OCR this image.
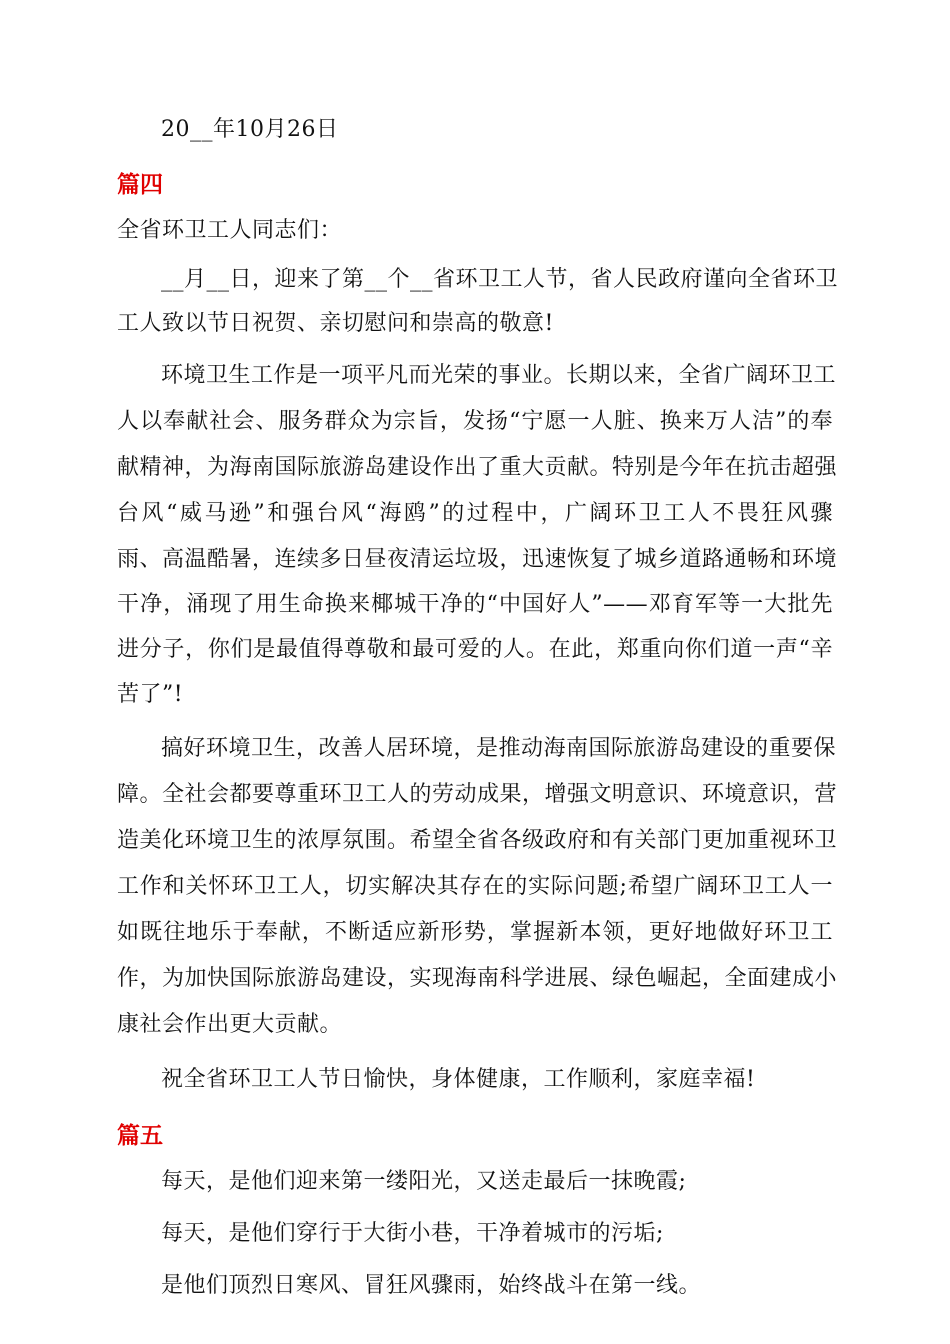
20__年10月26日
篇四
全省环卫工人同志们：
__月__日，迎来了第__个__省环卫工人节，省人民政府谨向全省环卫
工人致以节日祝贺、亲切慰问和崇高的敬意!
环境卫生工作是一项平凡而光荣的事业。长期以来，全省广阔环卫工
人以奉献社会、服务群众为宗旨，发扬“宁愿一人脏、换来万人洁”的奉
献精神，为海南国际旅游岛建设作出了重大贡献。特别是今年在抗击超强
台风“威马逊”和强台风“海鸥”的过程中，广阔环卫工人不畏狂风骤
雨、高温酷暑，连续多日昼夜清运垃圾，迅速恢复了城乡道路通畅和环境
干净，涌现了用生命换来椰城干净的“中国好人”——邓育军等一大批先
进分子，你们是最值得尊敬和最可爱的人。在此，郑重向你们道一声“辛
苦了”!
搞好环境卫生，改善人居环境，是推动海南国际旅游岛建设的重要保
障。全社会都要尊重环卫工人的劳动成果，增强文明意识、环境意识，营
造美化环境卫生的浓厚氛围。希望全省各级政府和有关部门更加重视环卫
工作和关怀环卫工人，切实解决其存在的实际问题;希望广阔环卫工人一
如既往地乐于奉献，不断适应新形势，掌握新本领，更好地做好环卫工
作，为加快国际旅游岛建设，实现海南科学进展、绿色崛起，全面建成小
康社会作出更大贡献。
祝全省环卫工人节日愉快，身体健康，工作顺利，家庭幸福!
篇五
每天，是他们迎来第一缕阳光，又送走最后一抹晚霞;
每天，是他们穿行于大街小巷，干净着城市的污垢;
是他们顶烈日寒风、冒狂风骤雨，始终战斗在第一线。
